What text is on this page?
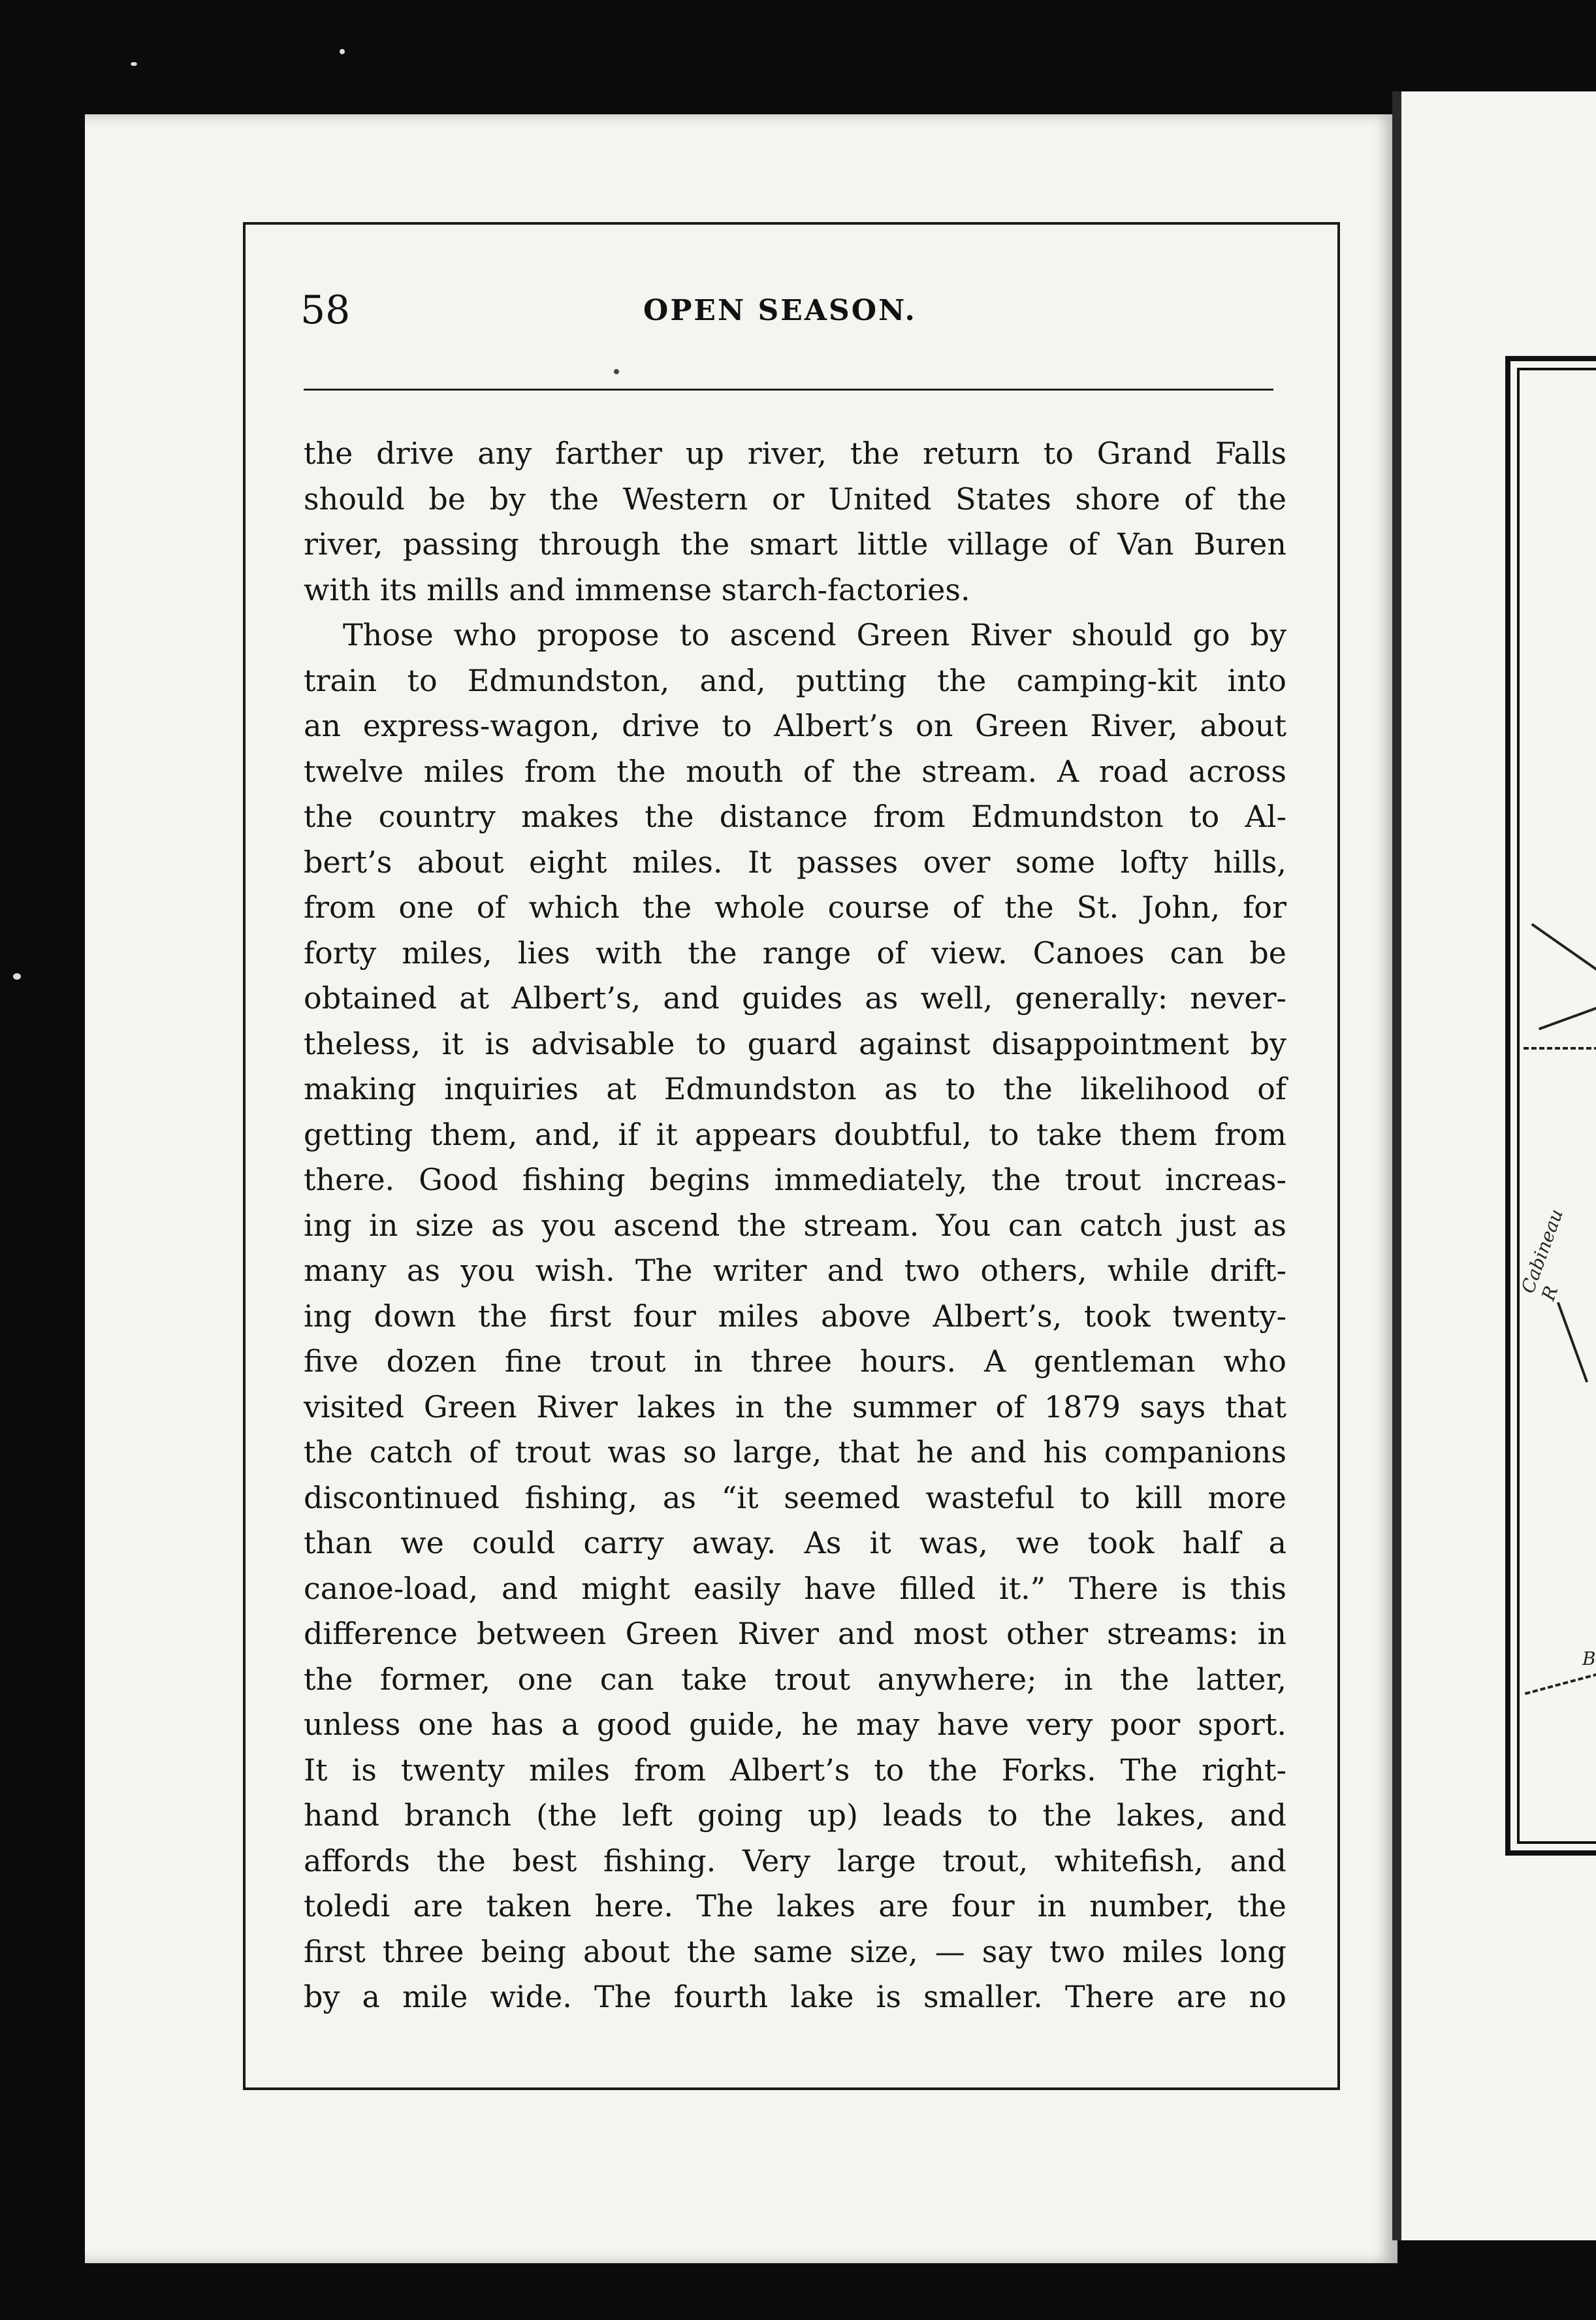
Cabineau R
B
58	OPEN SEASON.
the drive any farther up river, the return to Grand Falls
should be by the Western or United States shore of the
river, passing through the smart little village of Van Buren
with its mills and immense starch-factories.
Those who propose to ascend Green River should go by
train to Edmundston, and, putting the camping-kit into
an express-wagon, drive to Albert’s on Green River, about
twelve miles from the mouth of the stream. A road across
the country makes the distance from Edmundston to Al-
bert’s about eight miles. It passes over some lofty hills,
from one of which the whole course of the St. John, for
forty miles, lies with the range of view. Canoes can be
obtained at Albert’s, and guides as well, generally: never-
theless, it is advisable to guard against disappointment by
making inquiries at Edmundston as to the likelihood of
getting them, and, if it appears doubtful, to take them from
there. Good fishing begins immediately, the trout increas-
ing in size as you ascend the stream. You can catch just as
many as you wish. The writer and two others, while drift-
ing down the first four miles above Albert’s, took twenty-
five dozen fine trout in three hours. A gentleman who
visited Green River lakes in the summer of 1879 says that
the catch of trout was so large, that he and his companions
discontinued fishing, as “it seemed wasteful to kill more
than we could carry away. As it was, we took half a
canoe-load, and might easily have filled it.” There is this
difference between Green River and most other streams: in
the former, one can take trout anywhere; in the latter,
unless one has a good guide, he may have very poor sport.
It is twenty miles from Albert’s to the Forks. The right-
hand branch (the left going up) leads to the lakes, and
affords the best fishing. Very large trout, whitefish, and
toledi are taken here. The lakes are four in number, the
first three being about the same size, — say two miles long
by a mile wide. The fourth lake is smaller. There are no
